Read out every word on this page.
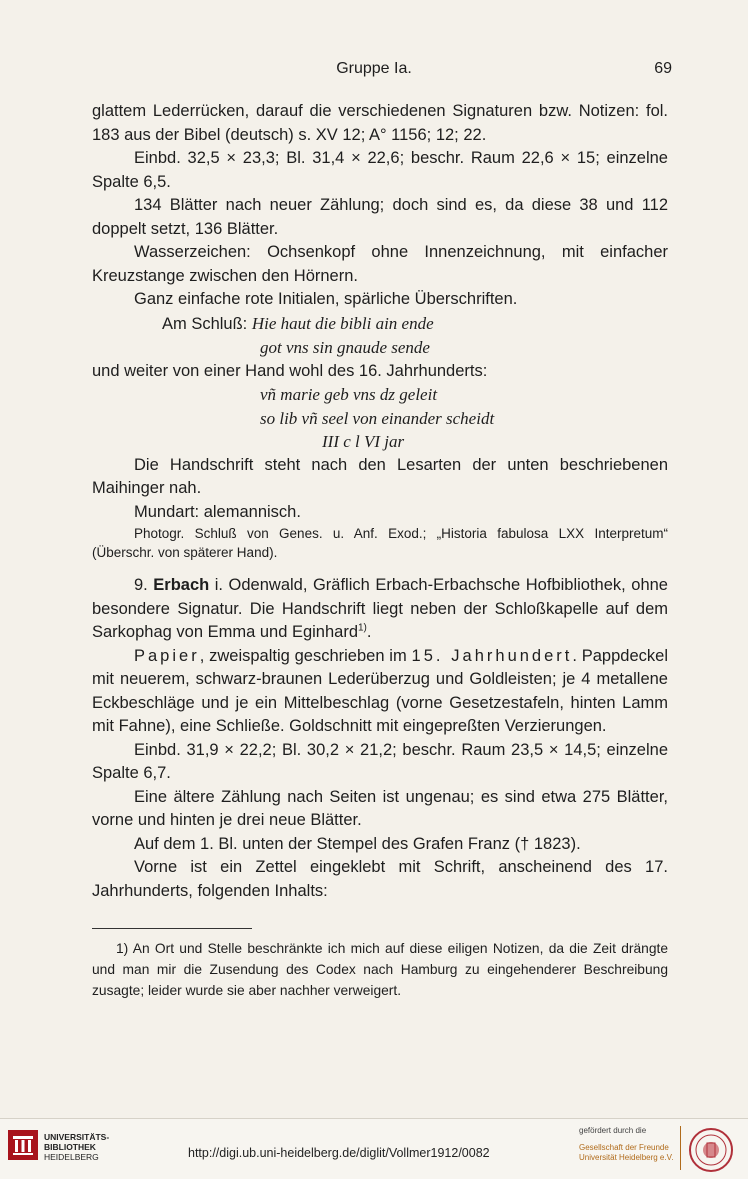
Gruppe Ia.	69

glattem Lederrücken, darauf die verschiedenen Signaturen bzw. Notizen: fol. 183 aus der Bibel (deutsch) s. XV 12; A° 1156; 12; 22.

Einbd. 32,5 × 23,3; Bl. 31,4 × 22,6; beschr. Raum 22,6 × 15; einzelne Spalte 6,5.

134 Blätter nach neuer Zählung; doch sind es, da diese 38 und 112 doppelt setzt, 136 Blätter.

Wasserzeichen: Ochsenkopf ohne Innenzeichnung, mit einfacher Kreuzstange zwischen den Hörnern.

Ganz einfache rote Initialen, spärliche Überschriften.

Am Schluß: Hie haut die bibli ain ende

got vns sin gnaude sende

und weiter von einer Hand wohl des 16. Jahrhunderts:

vñ marie geb vns dz geleit

so lib vñ seel von einander scheidt

III c l VI jar

Die Handschrift steht nach den Lesarten der unten beschriebenen Maihinger nah.

Mundart: alemannisch.

Photogr. Schluß von Genes. u. Anf. Exod.; „Historia fabulosa LXX Interpretum“ (Überschr. von späterer Hand).

9. Erbach i. Odenwald, Gräflich Erbach-Erbachsche Hofbibliothek, ohne besondere Signatur. Die Handschrift liegt neben der Schloßkapelle auf dem Sarkophag von Emma und Eginhard$^{1)}$.

Papier, zweispaltig geschrieben im 15. Jahrhundert. Pappdeckel mit neuerem, schwarz-braunen Lederüberzug und Goldleisten; je 4 metallene Eckbeschläge und je ein Mittelbeschlag (vorne Gesetzestafeln, hinten Lamm mit Fahne), eine Schließe. Goldschnitt mit eingepreßten Verzierungen.

Einbd. 31,9 × 22,2; Bl. 30,2 × 21,2; beschr. Raum 23,5 × 14,5; einzelne Spalte 6,7.

Eine ältere Zählung nach Seiten ist ungenau; es sind etwa 275 Blätter, vorne und hinten je drei neue Blätter.

Auf dem 1. Bl. unten der Stempel des Grafen Franz († 1823).

Vorne ist ein Zettel eingeklebt mit Schrift, anscheinend des 17. Jahrhunderts, folgenden Inhalts:

1) An Ort und Stelle beschränkte ich mich auf diese eiligen Notizen, da die Zeit drängte und man mir die Zusendung des Codex nach Hamburg zu eingehenderer Beschreibung zusagte; leider wurde sie aber nachher verweigert.

UNIVERSITÄTS-
BIBLIOTHEK
HEIDELBERG	http://digi.ub.uni-heidelberg.de/diglit/Vollmer1912/0082
gefördert durch die
Gesellschaft der Freunde
Universität Heidelberg e.V.
